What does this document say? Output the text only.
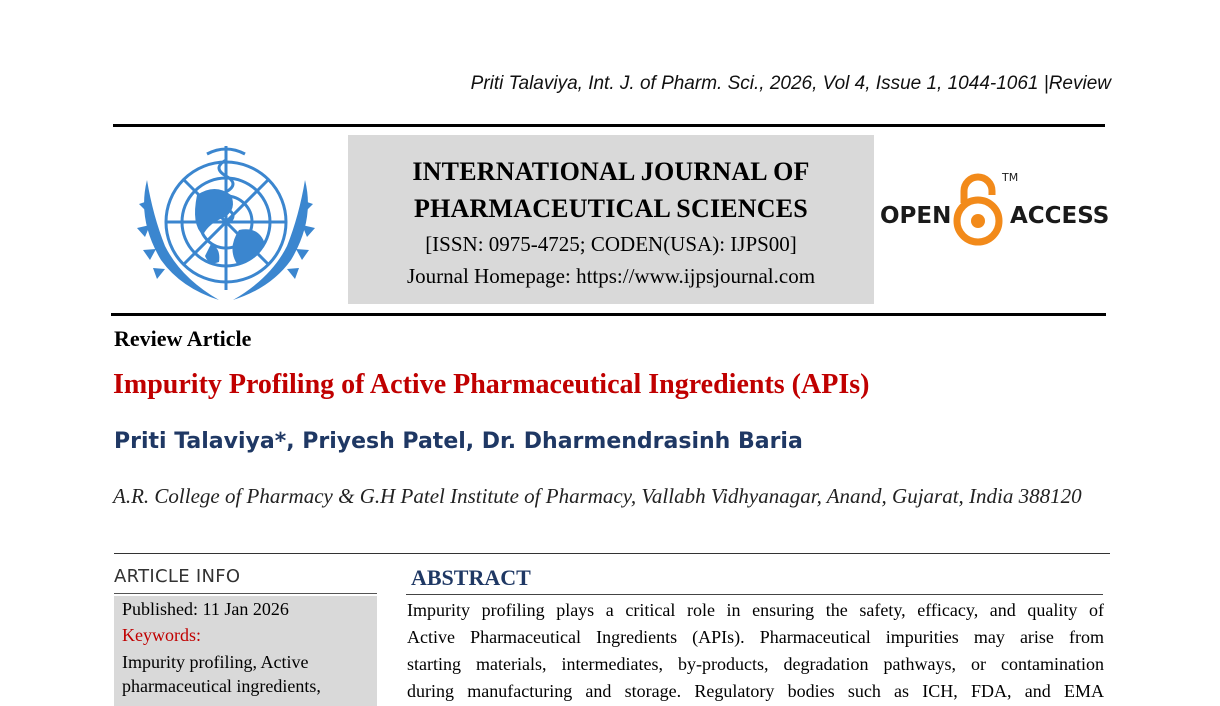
Priti Talaviya, Int. J. of Pharm. Sci., 2026, Vol 4, Issue 1, 1044-1061 |Review
INTERNATIONAL JOURNAL OF
PHARMACEUTICAL SCIENCES
[ISSN: 0975-4725; CODEN(USA): IJPS00]
Journal Homepage: https://www.ijpsjournal.com
OPEN
TM
ACCESS
Review Article
Impurity Profiling of Active Pharmaceutical Ingredients (APIs)
Priti Talaviya*, Priyesh Patel, Dr. Dharmendrasinh Baria
A.R. College of Pharmacy & G.H Patel Institute of Pharmacy, Vallabh Vidhyanagar, Anand, Gujarat, India 388120
ARTICLE INFO
Published: 11 Jan 2026
Keywords:
Impurity profiling, Active
pharmaceutical ingredients,
ABSTRACT
Impurity profiling plays a critical role in ensuring the safety, efficacy, and quality of
Active Pharmaceutical Ingredients (APIs). Pharmaceutical impurities may arise from
starting materials, intermediates, by-products, degradation pathways, or contamination
during manufacturing and storage. Regulatory bodies such as ICH, FDA, and EMA
